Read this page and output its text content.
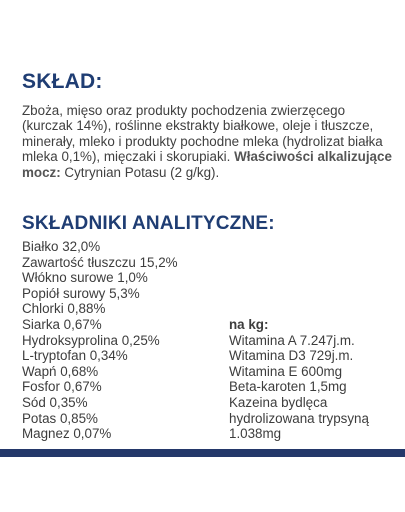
SKŁAD:
Zboża, mięso oraz produkty pochodzenia zwierzęcego (kurczak 14%), roślinne ekstrakty białkowe, oleje i tłuszcze, minerały, mleko i produkty pochodne mleka (hydrolizat białka mleka 0,1%), mięczaki i skorupiaki. Właściwości alkalizujące mocz: Cytrynian Potasu (2 g/kg).
SKŁADNIKI ANALITYCZNE:
Białko 32,0%
Zawartość tłuszczu 15,2%
Włókno surowe 1,0%
Popiół surowy 5,3%
Chlorki 0,88%
Siarka 0,67%
Hydroksyprolina 0,25%
L-tryptofan 0,34%
Wapń 0,68%
Fosfor 0,67%
Sód 0,35%
Potas 0,85%
Magnez 0,07%
na kg:
Witamina A 7.247j.m.
Witamina D3 729j.m.
Witamina E 600mg
Beta-karoten 1,5mg
Kazeina bydlęca
hydrolizowana trypsyną
1.038mg
